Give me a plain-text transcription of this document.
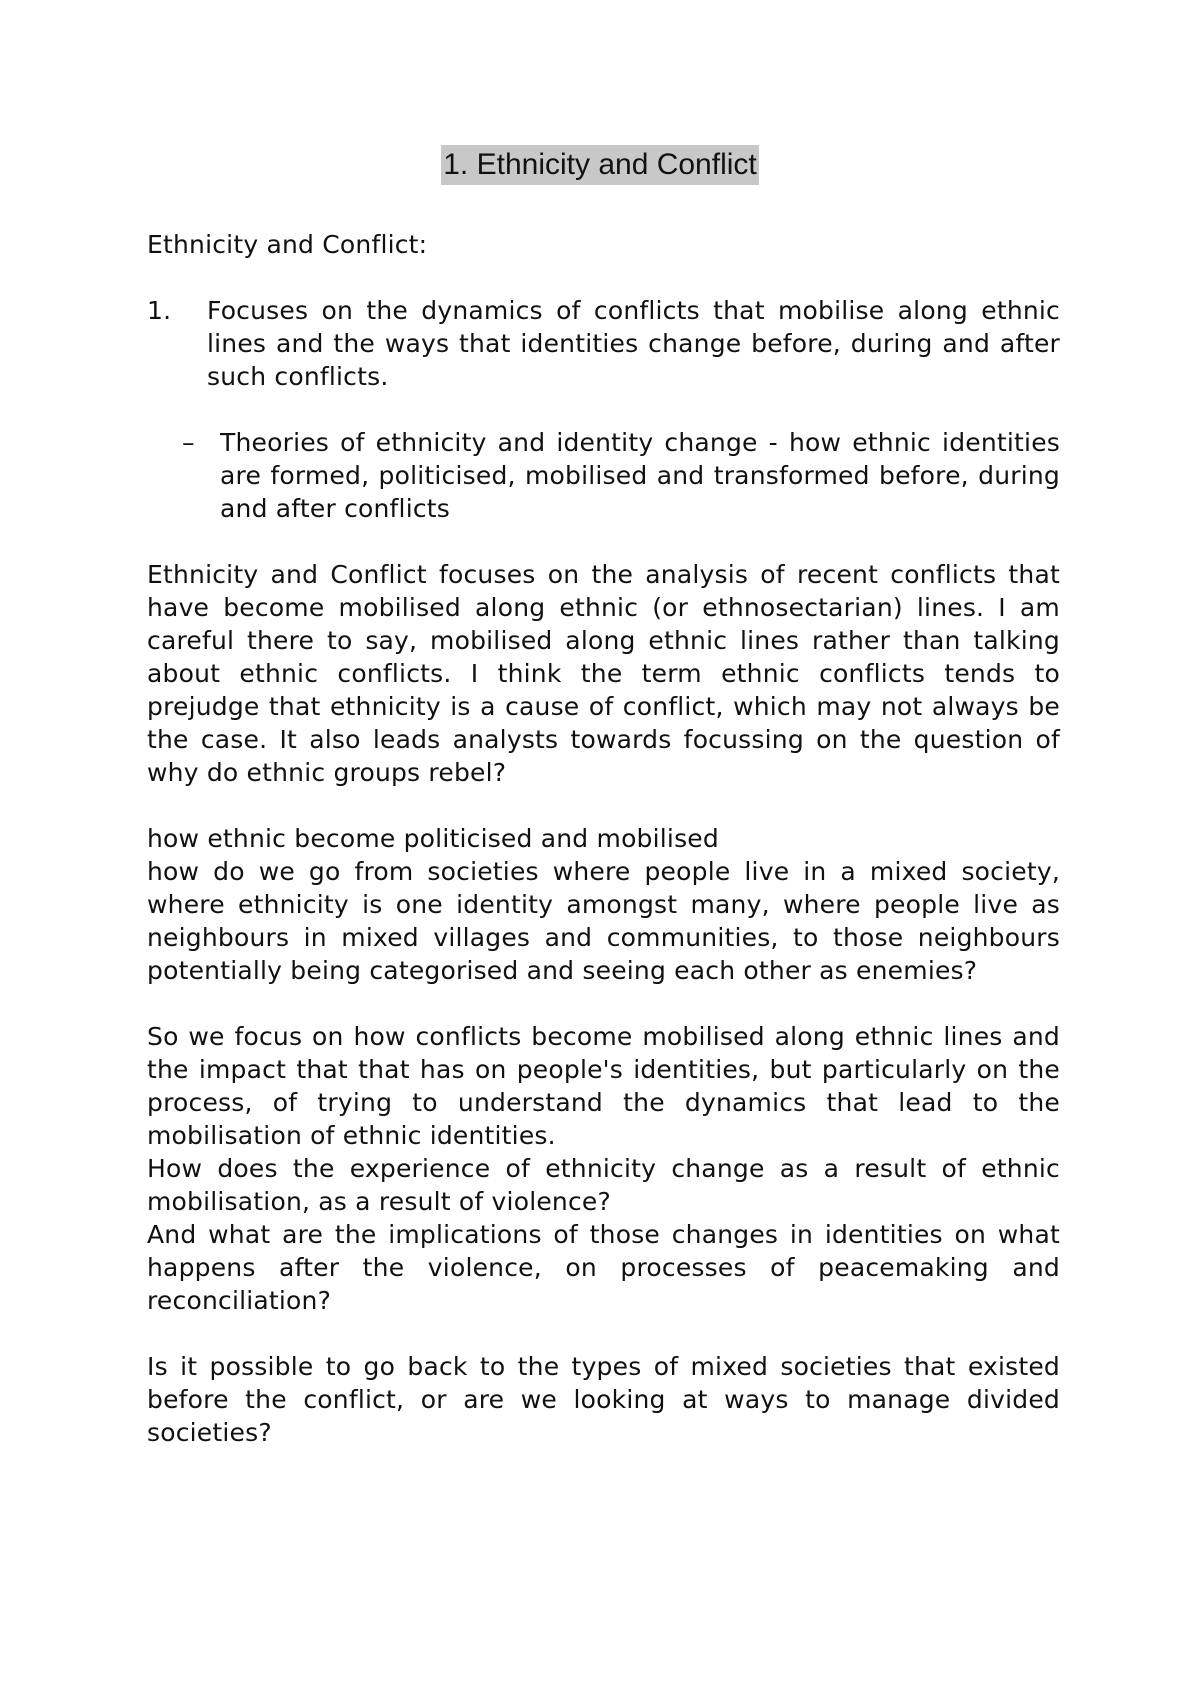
1. Ethnicity and Conflict

Ethnicity and Conflict:

1.	Focuses on the dynamics of conflicts that mobilise along ethnic lines and the ways that identities change before, during and after such conflicts.
–	Theories of ethnicity and identity change - how ethnic identities are formed, politicised, mobilised and transformed before, during and after conflicts

Ethnicity and Conflict focuses on the analysis of recent conflicts that have become mobilised along ethnic (or ethnosectarian) lines. I am careful there to say, mobilised along ethnic lines rather than talking about ethnic conflicts. I think the term ethnic conflicts tends to prejudge that ethnicity is a cause of conflict, which may not always be the case. It also leads analysts towards focussing on the question of why do ethnic groups rebel?

how ethnic become politicised and mobilised

how do we go from societies where people live in a mixed society, where ethnicity is one identity amongst many, where people live as neighbours in mixed villages and communities, to those neighbours potentially being categorised and seeing each other as enemies?

So we focus on how conflicts become mobilised along ethnic lines and the impact that that has on people's identities, but particularly on the process, of trying to understand the dynamics that lead to the mobilisation of ethnic identities.

How does the experience of ethnicity change as a result of ethnic mobilisation, as a result of violence?

And what are the implications of those changes in identities on what happens after the violence, on processes of peacemaking and reconciliation?

Is it possible to go back to the types of mixed societies that existed before the conflict, or are we looking at ways to manage divided societies?
